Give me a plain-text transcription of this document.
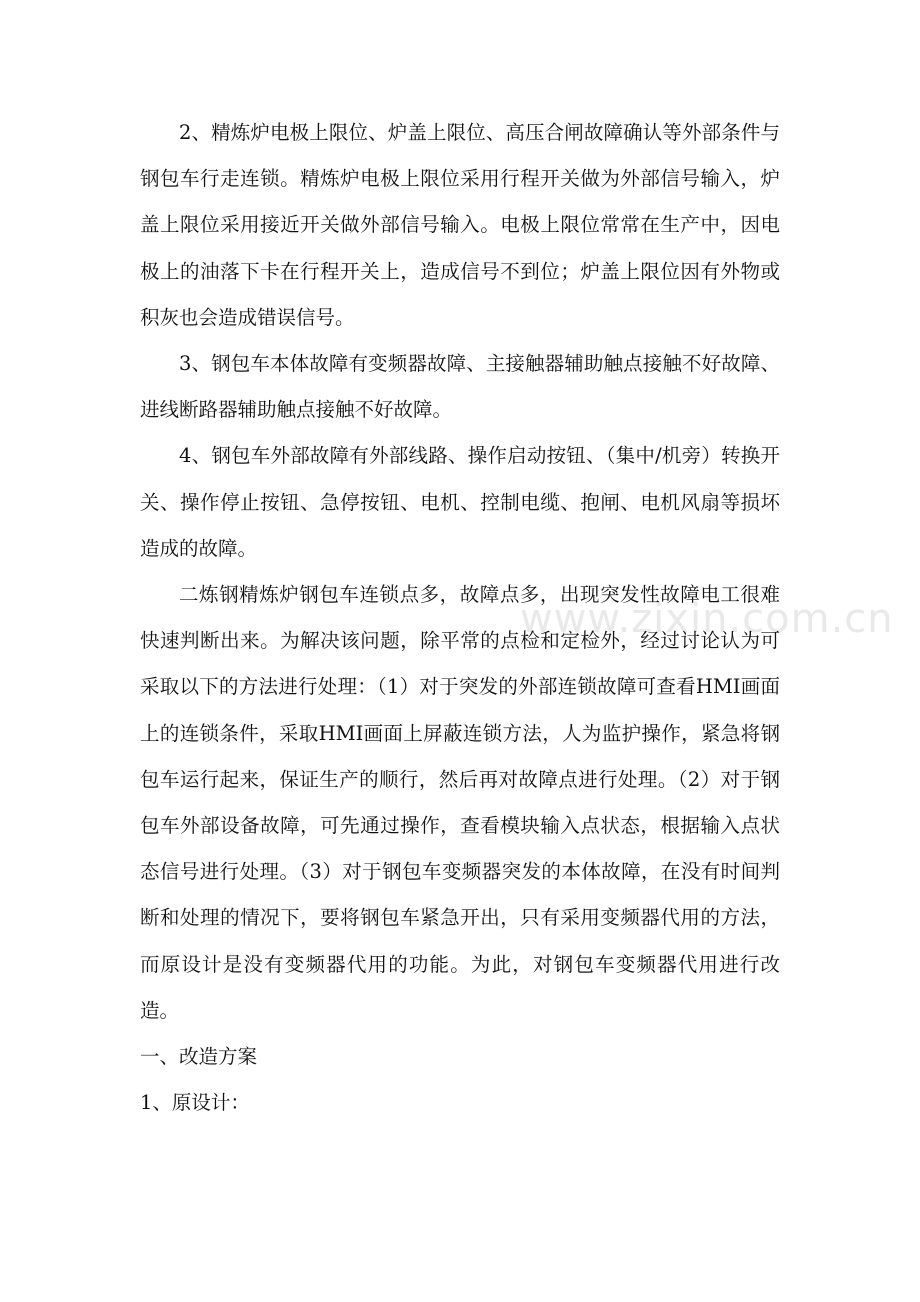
www.zixin.com.cn

2、精炼炉电极上限位、炉盖上限位、高压合闸故障确认等外部条件与钢包车行走连锁。精炼炉电极上限位采用行程开关做为外部信号输入，炉盖上限位采用接近开关做外部信号输入。电极上限位常常在生产中，因电极上的油落下卡在行程开关上，造成信号不到位；炉盖上限位因有外物或积灰也会造成错误信号。

3、钢包车本体故障有变频器故障、主接触器辅助触点接触不好故障、进线断路器辅助触点接触不好故障。

4、钢包车外部故障有外部线路、操作启动按钮、（集中/机旁）转换开关、操作停止按钮、急停按钮、电机、控制电缆、抱闸、电机风扇等损坏造成的故障。

二炼钢精炼炉钢包车连锁点多，故障点多，出现突发性故障电工很难快速判断出来。为解决该问题，除平常的点检和定检外，经过讨论认为可采取以下的方法进行处理：（1）对于突发的外部连锁故障可查看HMI画面上的连锁条件，采取HMI画面上屏蔽连锁方法，人为监护操作，紧急将钢包车运行起来，保证生产的顺行，然后再对故障点进行处理。（2）对于钢包车外部设备故障，可先通过操作，查看模块输入点状态，根据输入点状态信号进行处理。（3）对于钢包车变频器突发的本体故障，在没有时间判断和处理的情况下，要将钢包车紧急开出，只有采用变频器代用的方法，而原设计是没有变频器代用的功能。为此，对钢包车变频器代用进行改造。

一、改造方案

1、原设计：
